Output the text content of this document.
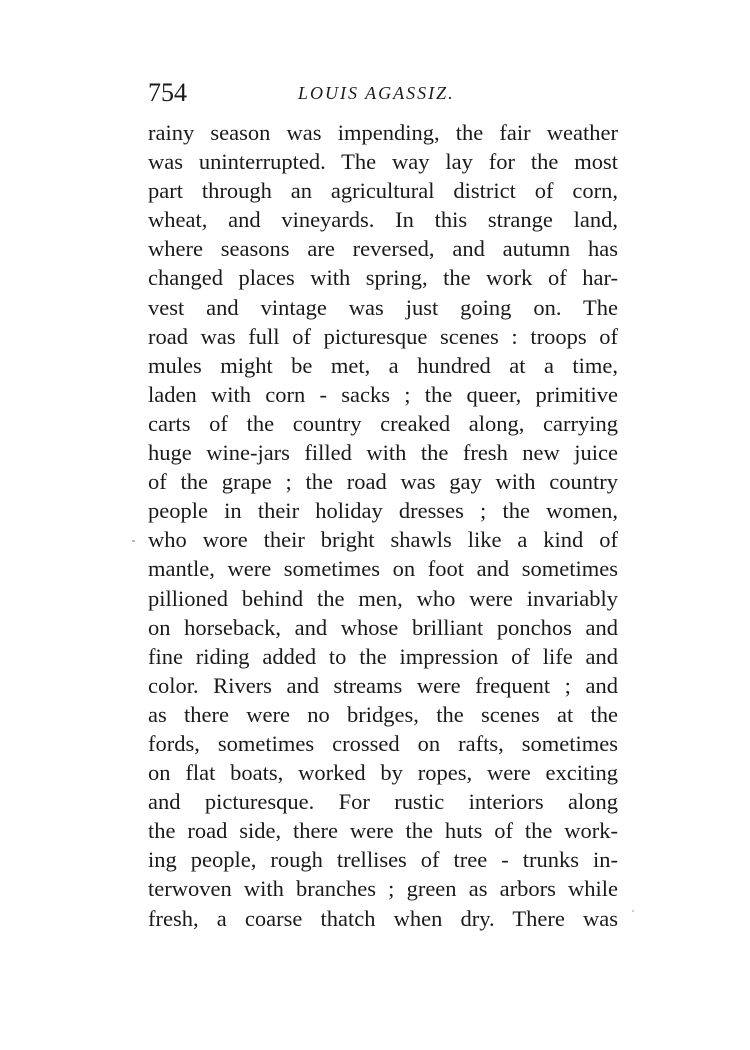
754	LOUIS AGASSIZ.
rainy season was impending, the fair weather
was uninterrupted. The way lay for the most
part through an agricultural district of corn,
wheat, and vineyards. In this strange land,
where seasons are reversed, and autumn has
changed places with spring, the work of har-
vest and vintage was just going on. The
road was full of picturesque scenes : troops of
mules might be met, a hundred at a time,
laden with corn - sacks ; the queer, primitive
carts of the country creaked along, carrying
huge wine-jars filled with the fresh new juice
of the grape ; the road was gay with country
people in their holiday dresses ; the women,
who wore their bright shawls like a kind of
mantle, were sometimes on foot and sometimes
pillioned behind the men, who were invariably
on horseback, and whose brilliant ponchos and
fine riding added to the impression of life and
color. Rivers and streams were frequent ; and
as there were no bridges, the scenes at the
fords, sometimes crossed on rafts, sometimes
on flat boats, worked by ropes, were exciting
and picturesque. For rustic interiors along
the road side, there were the huts of the work-
ing people, rough trellises of tree - trunks in-
terwoven with branches ; green as arbors while
fresh, a coarse thatch when dry. There was
